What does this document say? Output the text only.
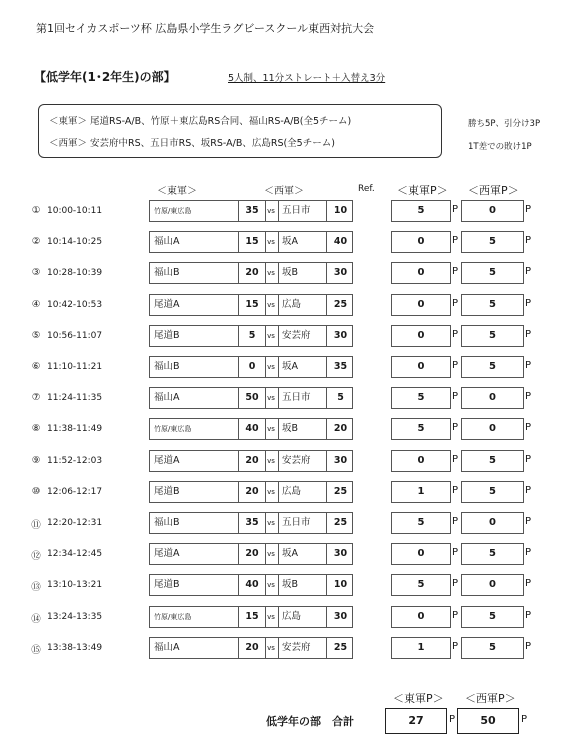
第1回セイカスポーツ杯 広島県小学生ラグビースクール東西対抗大会
【低学年(1･2年生)の部】	5人制、11分ストレート＋入替え3分
＜東軍＞ 尾道RS-A/B、竹原＋東広島RS合同、福山RS-A/B(全5チーム)
＜西軍＞ 安芸府中RS、五日市RS、坂RS-A/B、広島RS(全5チーム)
勝ち5P、引分け3P
1T差での敗け1P
＜東軍＞	＜西軍＞	Ref. ＜東軍P＞ ＜西軍P＞
① 10:00-10:11	竹原/東広島	35	vs 五日市	10	5	P	0	P
② 10:14-10:25	福山A	15	vs 坂A	40	0	P	5	P
③ 10:28-10:39	福山B	20	vs 坂B	30	0	P	5	P
④ 10:42-10:53	尾道A	15	vs 広島	25	0	P	5	P
⑤ 10:56-11:07	尾道B	5	vs 安芸府	30	0	P	5	P
⑥ 11:10-11:21	福山B	0	vs 坂A	35	0	P	5	P
⑦ 11:24-11:35	福山A	50	vs 五日市	5	5	P	0	P
⑧ 11:38-11:49	竹原/東広島	40	vs 坂B	20	5	P	0	P
⑨ 11:52-12:03	尾道A	20	vs 安芸府	30	0	P	5	P
⑩ 12:06-12:17	尾道B	20	vs 広島	25	1	P	5	P
⑪ 12:20-12:31	福山B	35	vs 五日市	25	5	P	0	P
⑫ 12:34-12:45	尾道A	20	vs 坂A	30	0	P	5	P
⑬ 13:10-13:21	尾道B	40	vs 坂B	10	5	P	0	P
⑭ 13:24-13:35	竹原/東広島	15	vs 広島	30	0	P	5	P
⑮ 13:38-13:49	福山A	20	vs 安芸府	25	1	P	5	P
＜東軍P＞ ＜西軍P＞
低学年の部　合計	27	P	50	P
